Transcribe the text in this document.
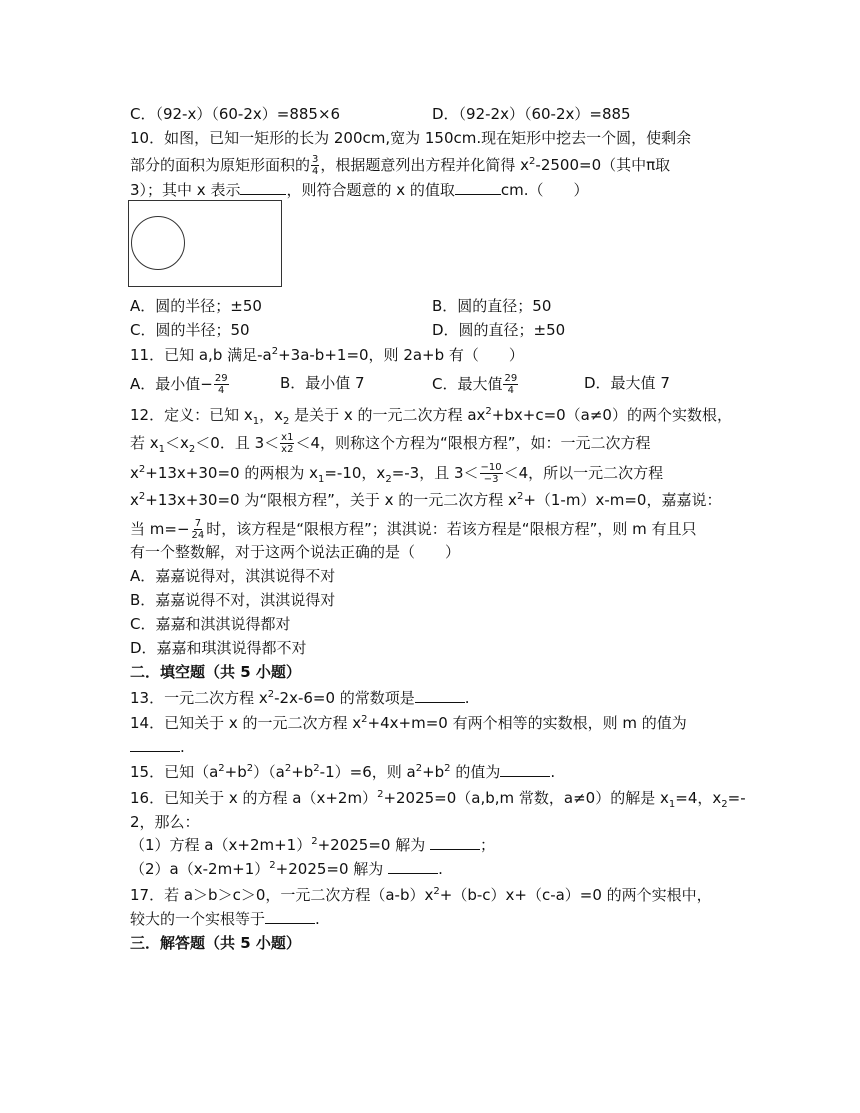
C．（92-x）（60-2x）=885×6	D．（92-2x）（60-2x）=885
10．如图，已知一矩形的长为 200cm,宽为 150cm.现在矩形中挖去一个圆，使剩余
部分的面积为原矩形面积的 $\frac{3}{4}$ ，根据题意列出方程并化简得 $x^2-2500=0$（其中π取
3）；其中 x 表示	，则符合题意的 x 的值取	cm.（　　）
A．圆的半径；±50	B．圆的直径；50
C．圆的半径；50	D．圆的直径；±50
11．已知 a,b 满足$-a^2+3a-b+1=0$，则 2a+b 有（　　）
A．最小值− $\frac{29}{4}$	B．最小值 7	C．最大值 $\frac{29}{4}$	D．最大值 7
12．定义：已知 $x_1$，$x_2$ 是关于 x 的一元二次方程 $ax^2+bx+c=0(a\ne 0)$的两个实数根，
若 $x_1<x_2<0$．且 $3< \frac{x1}{x2} <4$，则称这个方程为“限根方程”，如：一元二次方程
$x^2+13x+30=0$ 的两根为 $x_1=-10$，$x_2=-3$，且 $3< \frac{-10}{-3} <4$，所以一元二次方程
$x^2+13x+30=0$ 为“限根方程”，关于 x 的一元二次方程 $x^2+(1-m)x-m=0$，嘉嘉说：
当 $m=- \frac{7}{24}$ 时，该方程是“限根方程”；淇淇说：若该方程是“限根方程”，则 m 有且只
有一个整数解，对于这两个说法正确的是（　　）
A．嘉嘉说得对，淇淇说得不对
B．嘉嘉说得不对，淇淇说得对
C．嘉嘉和淇淇说得都对
D．嘉嘉和琪淇说得都不对
二．填空题（共 5 小题）
13．一元二次方程 $x^2-2x-6=0$ 的常数项是	.
14．已知关于 x 的一元二次方程 $x^2+4x+m=0$ 有两个相等的实数根，则 m 的值为
.
15．已知$(a^2+b^2)(a^2+b^2-1)=6$，则 $a^2+b^2$ 的值为	.
16．已知关于 x 的方程 $a(x+2m)^2+2025=0(a,b,m$ 常数，a≠0）的解是 $x_1=4$，$x_2=-$
2，那么：
（1）方程 $a(x+2m+1)^2+2025=0$ 解为	；
$(2)a(x-2m+1)^2+2025=0$ 解为	.
17．若 a＞b＞c＞0，一元二次方程$(a-b)x^2+(b-c)x+(c-a)=0$ 的两个实根中，
较大的一个实根等于	.
三．解答题（共 5 小题）
